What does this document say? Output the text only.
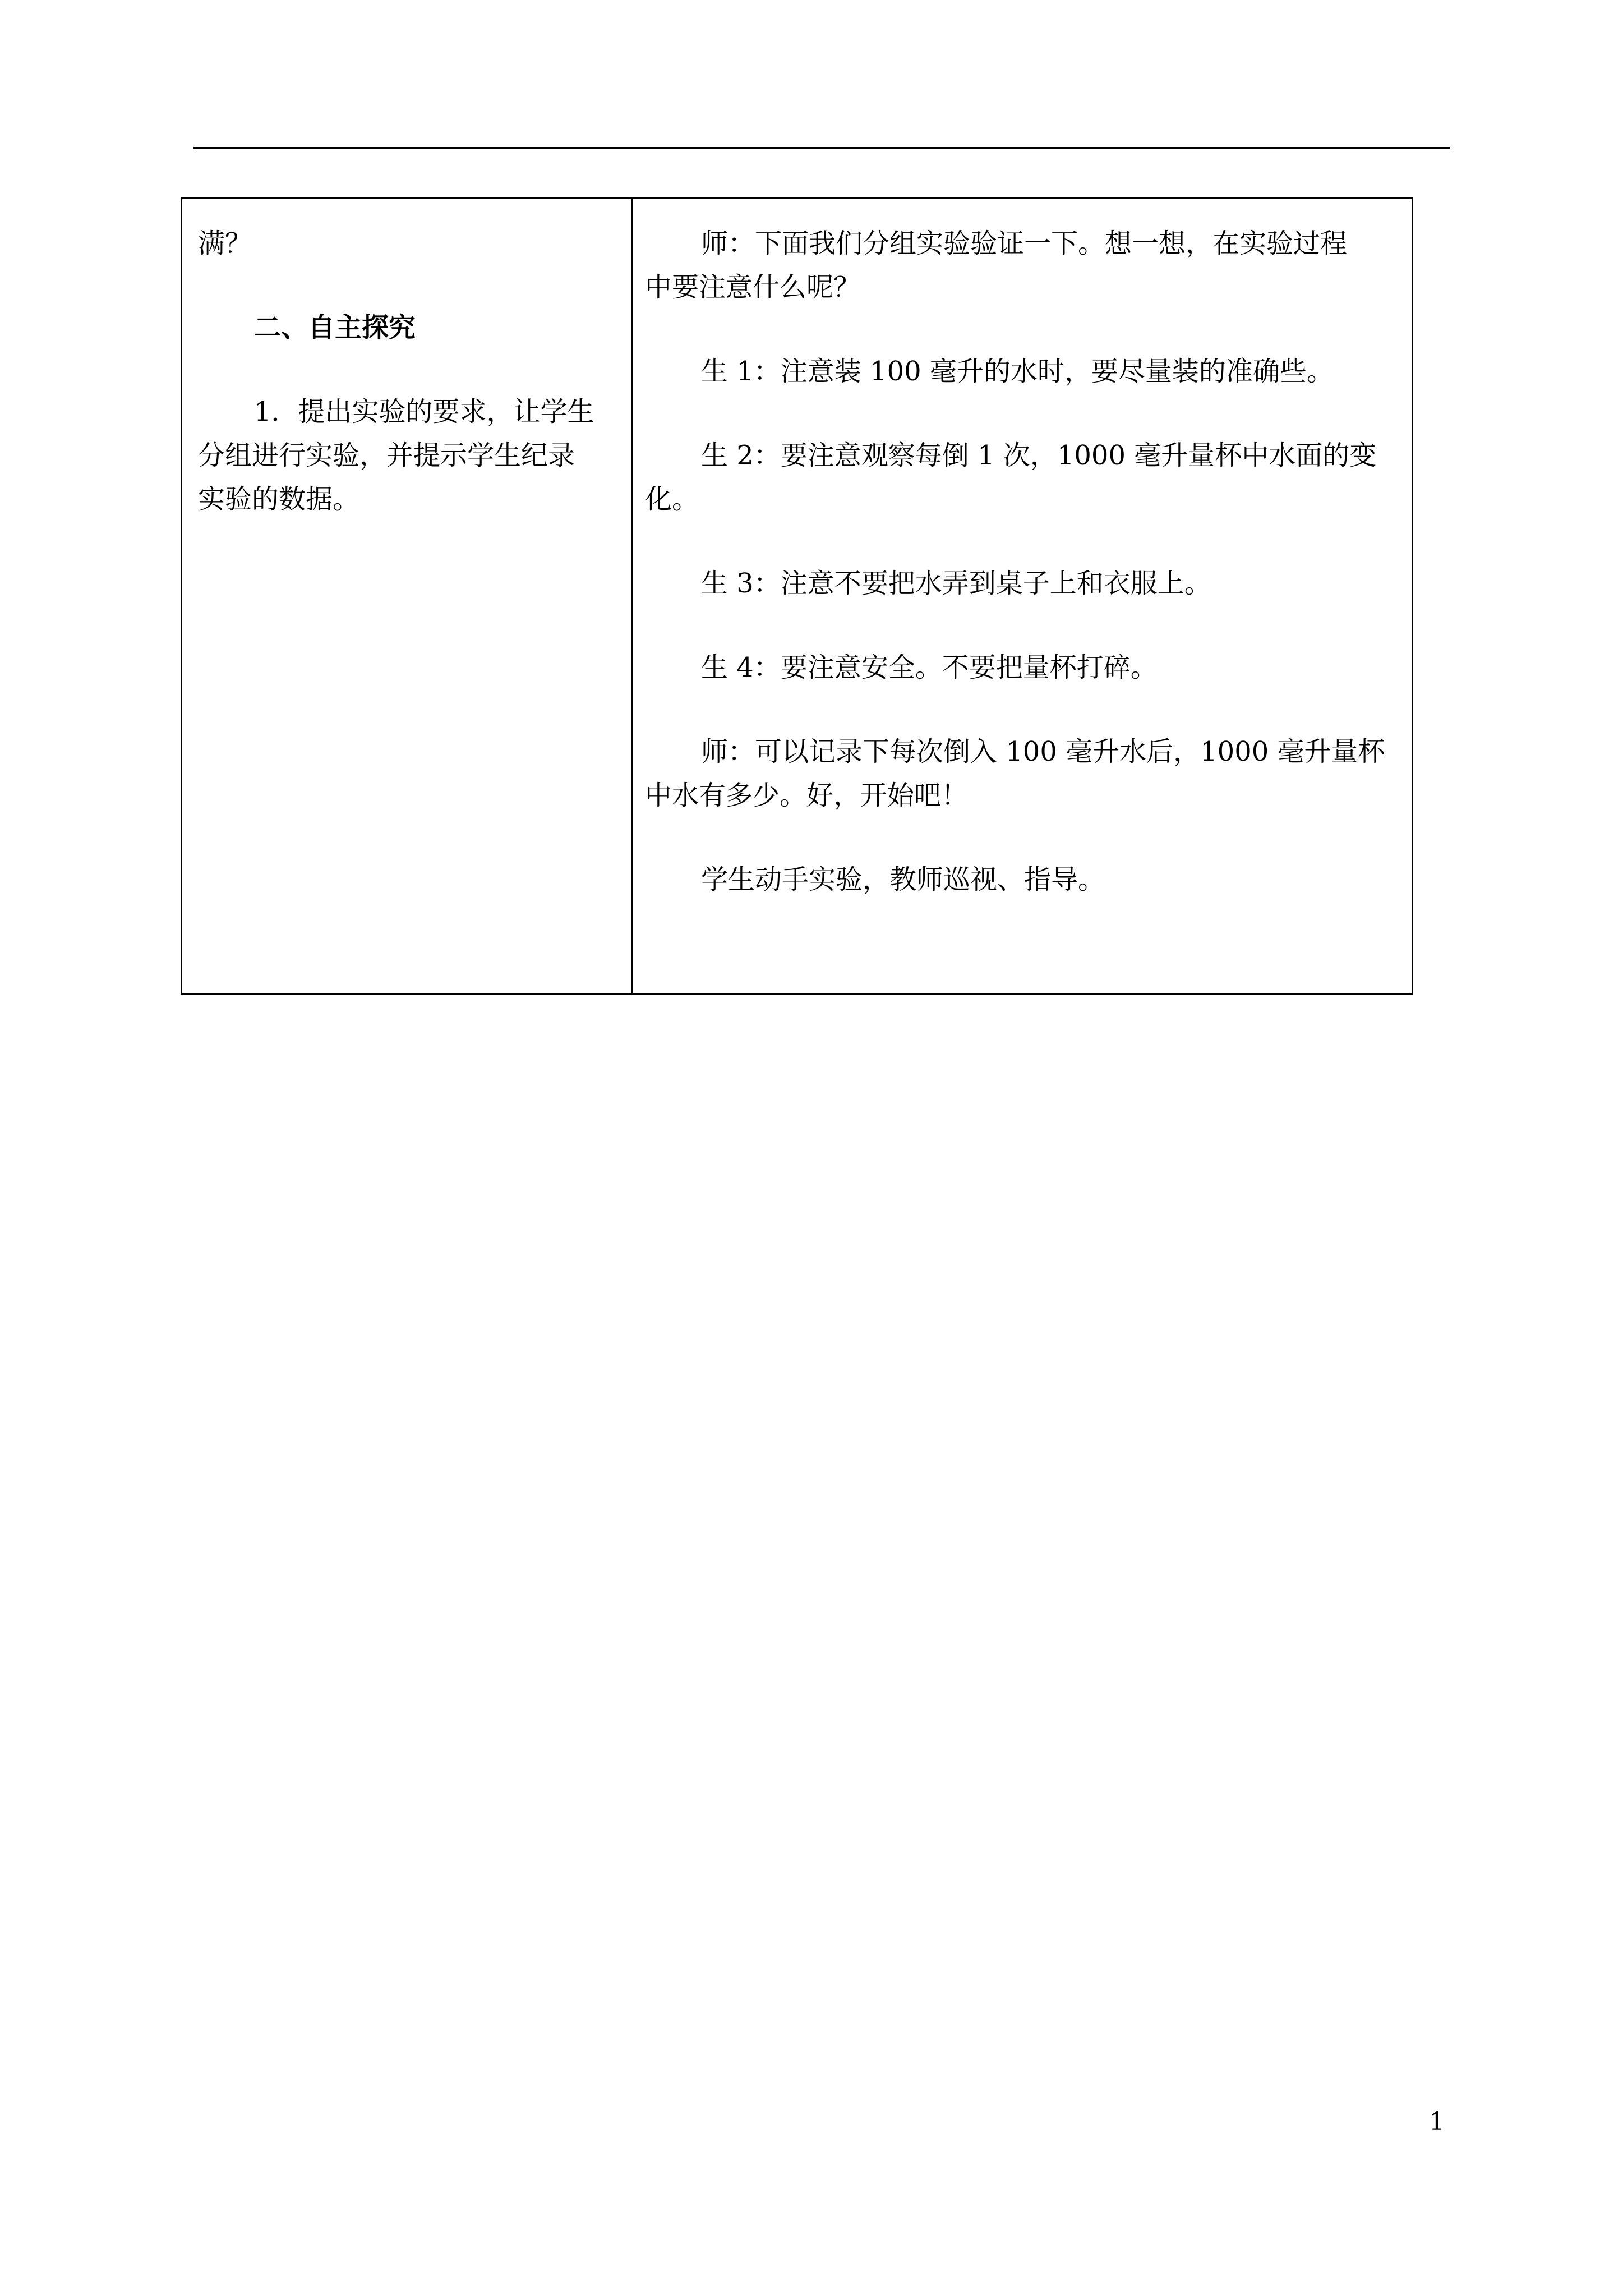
满？

二、自主探究

1．提出实验的要求，让学生

分组进行实验，并提示学生纪录

实验的数据。

师：下面我们分组实验验证一下。想一想，在实验过程

中要注意什么呢？

生 1：注意装 100 毫升的水时，要尽量装的准确些。

生 2：要注意观察每倒 1 次，1000 毫升量杯中水面的变

化。

生 3：注意不要把水弄到桌子上和衣服上。

生 4：要注意安全。不要把量杯打碎。

师：可以记录下每次倒入 100 毫升水后，1000 毫升量杯

中水有多少。好，开始吧！

学生动手实验，教师巡视、指导。

1
